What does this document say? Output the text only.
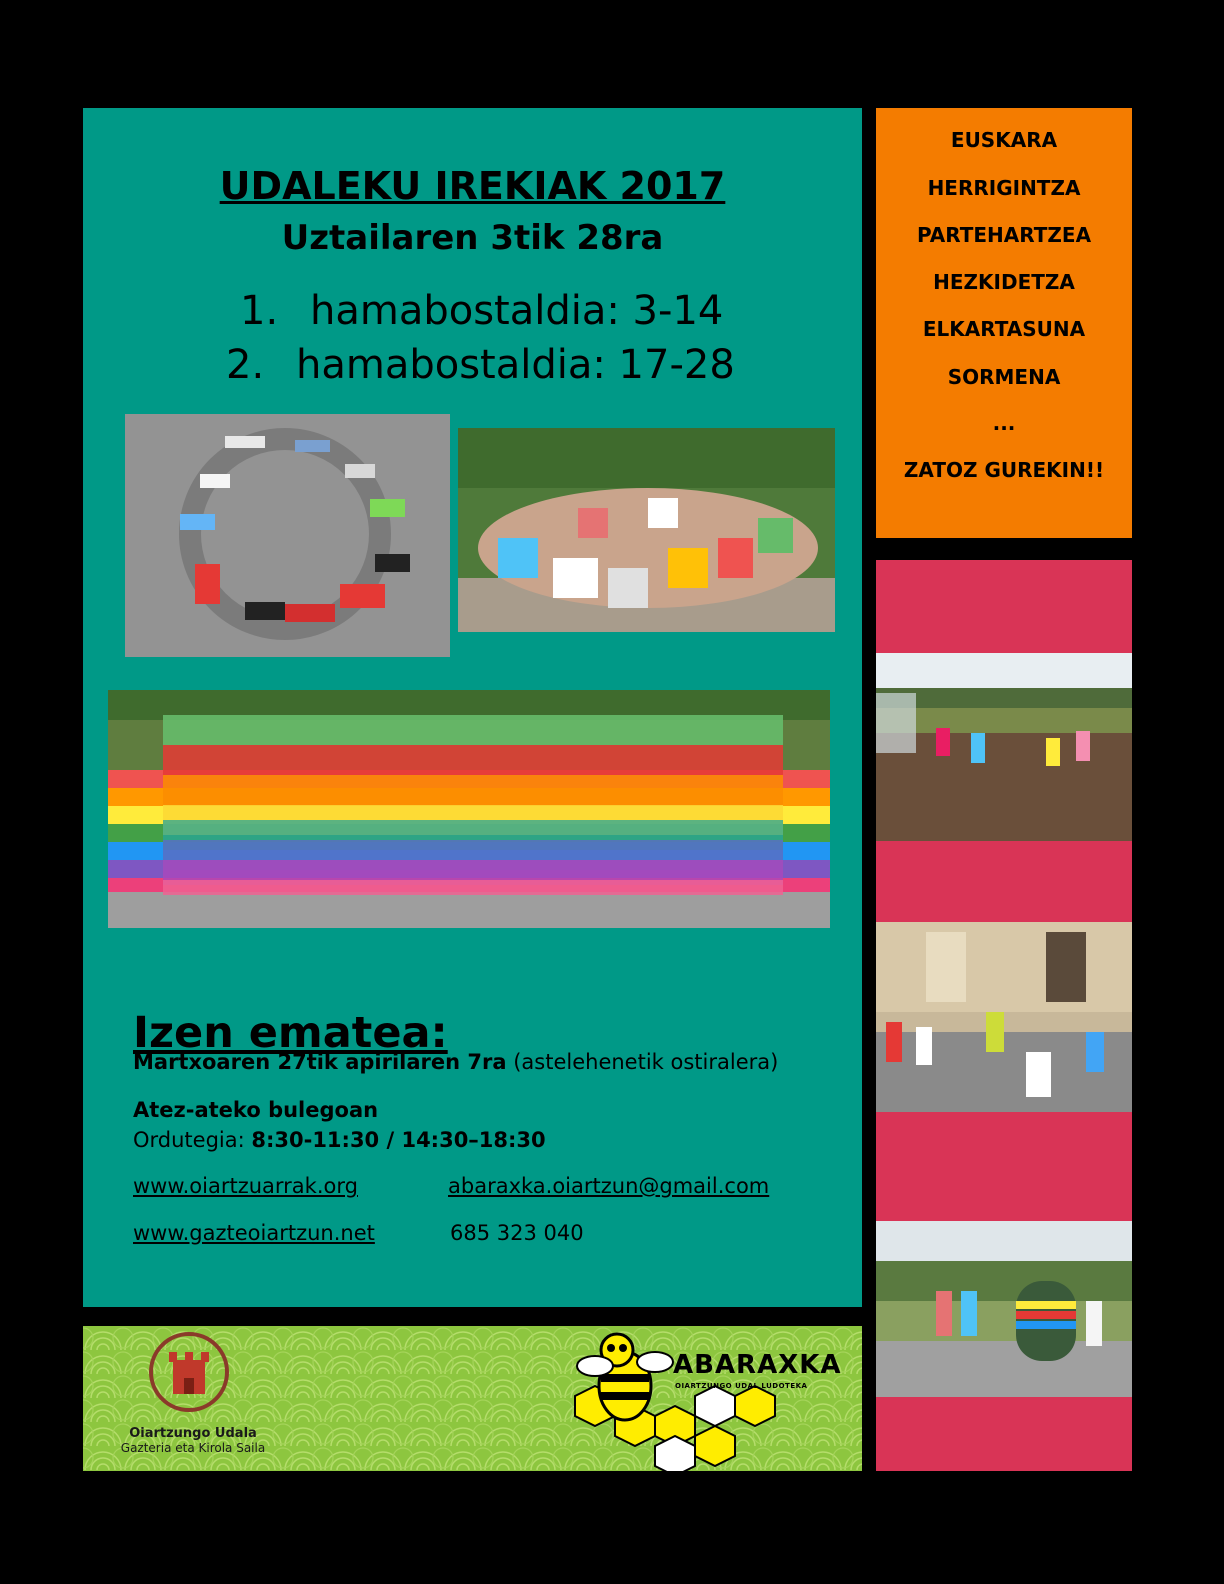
UDALEKU IREKIAK 2017
Uztailaren 3tik 28ra
1. hamabostaldia: 3-14
2. hamabostaldia: 17-28
Izen ematea:
Martxoaren 27tik apirilaren 7ra (astelehenetik ostiralera)
Atez-ateko bulegoan
Ordutegia: 8:30-11:30 / 14:30–18:30
www.oiartzuarrak.org	abaraxka.oiartzun@gmail.com
www.gazteoiartzun.net	685 323 040
EUSKARA
HERRIGINTZA
PARTEHARTZEA
HEZKIDETZA
ELKARTASUNA
SORMENA
...
ZATOZ GUREKIN!!
Oiartzungo Udala
Gazteria eta Kirola Saila
ABARAXKA
OIARTZUNGO UDAL LUDOTEKA
